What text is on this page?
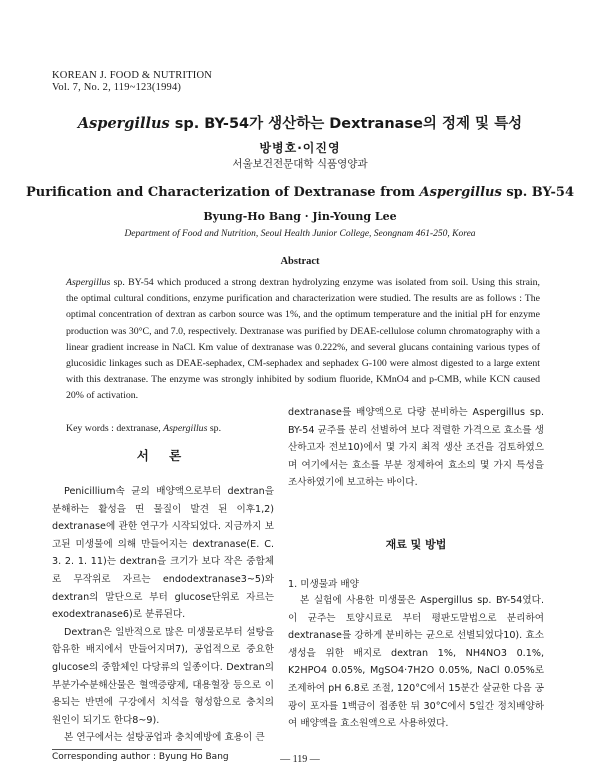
KOREAN J. FOOD & NUTRITION
Vol. 7, No. 2, 119~123(1994)
Aspergillus sp. BY-54가 생산하는 Dextranase의 정제 및 특성
방병호·이진영
서울보건전문대학 식품영양과
Purification and Characterization of Dextranase from Aspergillus sp. BY-54
Byung-Ho Bang · Jin-Young Lee
Department of Food and Nutrition, Seoul Health Junior College, Seongnam 461-250, Korea
Abstract

Aspergillus sp. BY-54 which produced a strong dextran hydrolyzing enzyme was isolated from soil. Using this strain, the optimal cultural conditions, enzyme purification and characterization were studied. The results are as follows : The optimal concentration of dextran as carbon source was 1%, and the optimum temperature and the initial pH for enzyme production was 30°C, and 7.0, respectively. Dextranase was purified by DEAE-cellulose column chromatography with a linear gradient increase in NaCl. Km value of dextranase was 0.222%, and several glucans containing various types of glucosidic linkages such as DEAE-sephadex, CM-sephadex and sephadex G-100 were almost digested to a large extent with this dextranase. The enzyme was strongly inhibited by sodium fluoride, KMnO4 and p-CMB, while KCN caused 20% of activation.

Key words : dextranase, Aspergillus sp.
서 론

Penicillium속 균의 배양액으로부터 dextran을 분해하는 활성을 띤 물질이 발견 된 이후1,2) dextranase에 관한 연구가 시작되었다. 지금까지 보고된 미생물에 의해 만들어지는 dextranase(E. C. 3. 2. 1. 11)는 dextran을 크기가 보다 작은 중합체로 무작위로 자르는 endodextranase3~5)와 dextran의 말단으로 부터 glucose단위로 자르는 exodextranase6)로 분류된다.

Dextran은 일반적으로 많은 미생물로부터 설탕을 함유한 배지에서 만들어지며7), 공업적으로 중요한 glucose의 중합체인 다당류의 일종이다. Dextran의 부분가수분해산물은 혈액증량제, 대용혈장 등으로 이용되는 반면에 구강에서 치석을 형성함으로 충치의 원인이 되기도 한다8~9).

본 연구에서는 설탕공업과 충치예방에 효용이 큰

dextranase를 배양액으로 다량 분비하는 Aspergillus sp. BY-54 균주를 분리 선별하여 보다 적렬한 가격으로 효소를 생산하고자 전보10)에서 몇 가지 최적 생산 조건을 검토하였으며 여기에서는 효소를 부분 정제하여 효소의 몇 가지 특성을 조사하였기에 보고하는 바이다.

재료 및 방법
1. 미생물과 배양

본 실험에 사용한 미생물은 Aspergillus sp. BY-54였다. 이 균주는 토양시료로 부터 평판도말법으로 분리하여 dextranase를 강하게 분비하는 균으로 선별되었다10). 효소생성을 위한 배지로 dextran 1%, NH4NO3 0.1%, K2HPO4 0.05%, MgSO4·7H2O 0.05%, NaCl 0.05%로 조제하여 pH 6.8로 조절, 120°C에서 15분간 살균한 다음 공광이 포자를 1백금이 접종한 뒤 30°C에서 5일간 정치배양하여 배양액을 효소원액으로 사용하였다.

Corresponding author : Byung Ho Bang	— 119 —
